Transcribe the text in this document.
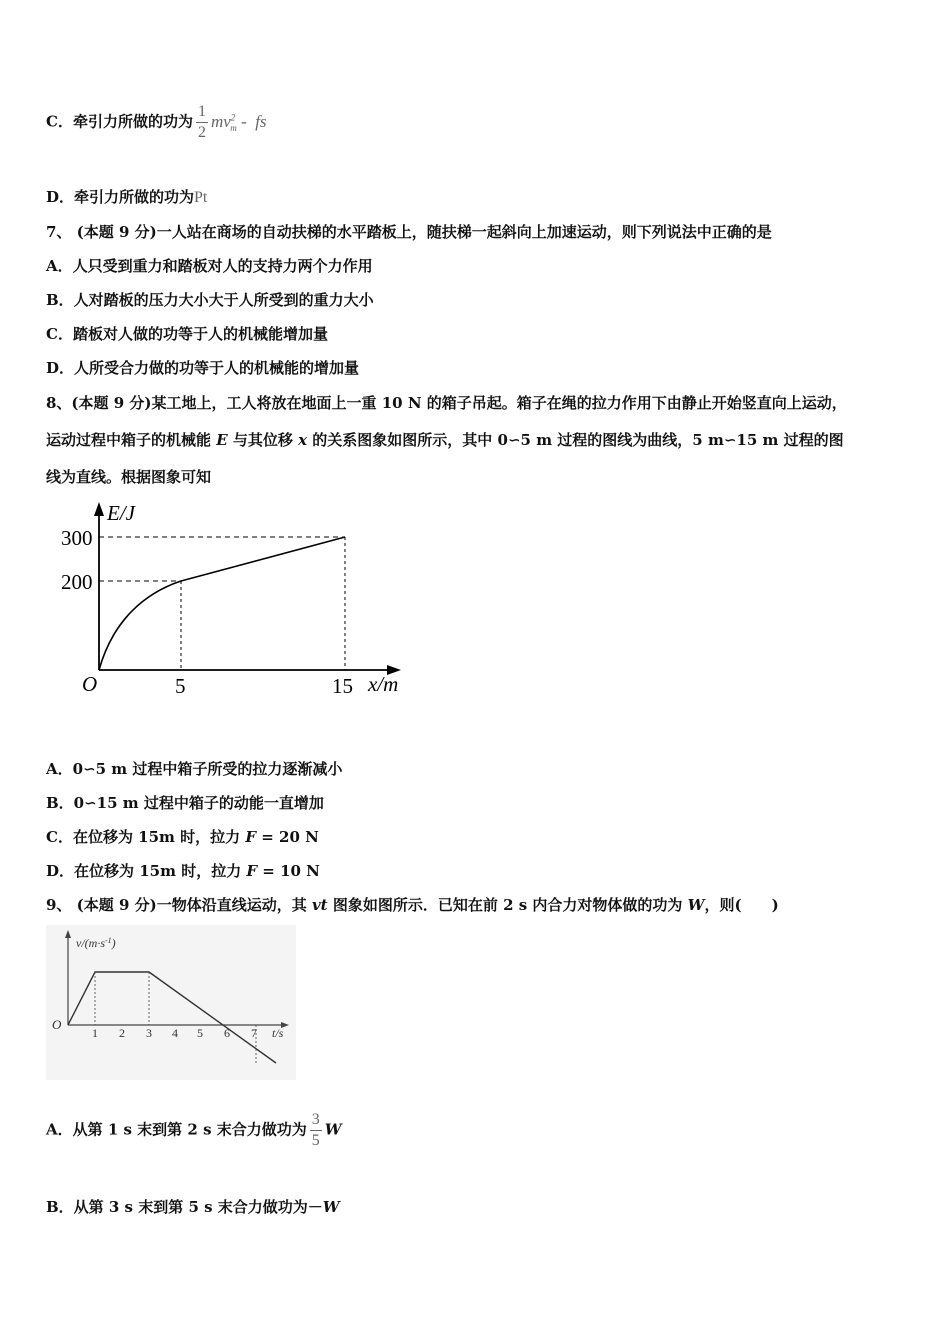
C．牵引力所做的功为 $\frac{1}{2} mv^2_m$ -  fs
D．牵引力所做的功为Pt
7、 (本题 9 分)一人站在商场的自动扶梯的水平踏板上，随扶梯一起斜向上加速运动，则下列说法中正确的是
A．人只受到重力和踏板对人的支持力两个力作用
B．人对踏板的压力大小大于人所受到的重力大小
C．踏板对人做的功等于人的机械能增加量
D．人所受合力做的功等于人的机械能的增加量
8、(本题 9 分)某工地上，工人将放在地面上一重 10 N 的箱子吊起。箱子在绳的拉力作用下由静止开始竖直向上运动，
运动过程中箱子的机械能 E 与其位移 x 的关系图象如图所示，其中 0∽5 m 过程的图线为曲线，5 m∽15 m 过程的图
线为直线。根据图象可知
E/J
300
200
O	5	15 x/m
A．0∽5 m 过程中箱子所受的拉力逐渐减小
B．0∽15 m 过程中箱子的动能一直增加
C．在位移为 15m 时，拉力 F = 20 N
D．在位移为 15m 时，拉力 F = 10 N
9、 (本题 9 分)一物体沿直线运动，其 vt 图象如图所示．已知在前 2 s 内合力对物体做的功为 W，则(　　)
$v/(m\cdot s^{-1})$
O
1 2 3 4 5 6 7 t/s
A．从第 1 s 末到第 2 s 末合力做功为 $\frac{3}{5}$ W
B．从第 3 s 末到第 5 s 末合力做功为－W
